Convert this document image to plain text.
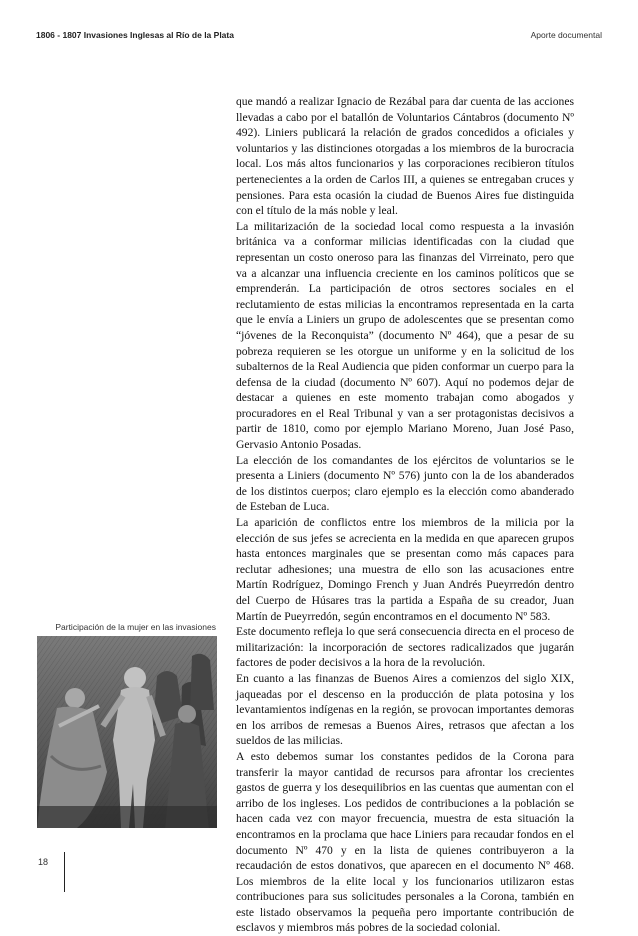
1806 - 1807 Invasiones Inglesas al Río de la Plata	Aporte documental

que mandó a realizar Ignacio de Rezábal para dar cuenta de las acciones llevadas a cabo por el batallón de Voluntarios Cántabros (documento Nº 492). Liniers publicará la relación de grados concedidos a oficiales y voluntarios y las distinciones otorgadas a los miembros de la burocracia local. Los más altos funcionarios y las corporaciones recibieron títulos pertenecientes a la orden de Carlos III, a quienes se entregaban cruces y pensiones. Para esta ocasión la ciudad de Buenos Aires fue distinguida con el título de la más noble y leal.

La militarización de la sociedad local como respuesta a la invasión británica va a conformar milicias identificadas con la ciudad que representan un costo oneroso para las finanzas del Virreinato, pero que va a alcanzar una influencia creciente en los caminos políticos que se emprenderán. La participación de otros sectores sociales en el reclutamiento de estas milicias la encontramos representada en la carta que le envía a Liniers un grupo de adolescentes que se presentan como “jóvenes de la Reconquista” (documento Nº 464), que a pesar de su pobreza requieren se les otorgue un uniforme y en la solicitud de los subalternos de la Real Audiencia que piden conformar un cuerpo para la defensa de la ciudad (documento Nº 607). Aquí no podemos dejar de destacar a quienes en este momento trabajan como abogados y procuradores en el Real Tribunal y van a ser protagonistas decisivos a partir de 1810, como por ejemplo Mariano Moreno, Juan José Paso, Gervasio Antonio Posadas.

La elección de los comandantes de los ejércitos de voluntarios se le presenta a Liniers (documento Nº 576) junto con la de los abanderados de los distintos cuerpos; claro ejemplo es la elección como abanderado de Esteban de Luca.

La aparición de conflictos entre los miembros de la milicia por la elección de sus jefes se acrecienta en la medida en que aparecen grupos hasta entonces marginales que se presentan como más capaces para reclutar adhesiones; una muestra de ello son las acusaciones entre Martín Rodríguez, Domingo French y Juan Andrés Pueyrredón dentro del Cuerpo de Húsares tras la partida a España de su creador, Juan Martín de Pueyrredón, según encontramos en el documento Nº 583.

Este documento refleja lo que será consecuencia directa en el proceso de militarización: la incorporación de sectores radicalizados que jugarán factores de poder decisivos a la hora de la revolución.

En cuanto a las finanzas de Buenos Aires a comienzos del siglo XIX, jaqueadas por el descenso en la producción de plata potosina y los levantamientos indígenas en la región, se provocan importantes demoras en los arribos de remesas a Buenos Aires, retrasos que afectan a los sueldos de las milicias.

A esto debemos sumar los constantes pedidos de la Corona para transferir la mayor cantidad de recursos para afrontar los crecientes gastos de guerra y los desequilibrios en las cuentas que aumentan con el arribo de los ingleses. Los pedidos de contribuciones a la población se hacen cada vez con mayor frecuencia, muestra de esta situación la encontramos en la proclama que hace Liniers para recaudar fondos en el documento Nº 470 y en la lista de quienes contribuyeron a la recaudación de estos donativos, que aparecen en el documento Nº 468. Los miembros de la elite local y los funcionarios utilizaron estas contribuciones para sus solicitudes personales a la Corona, también en este listado observamos la pequeña pero importante contribución de esclavos y miembros más pobres de la sociedad colonial.

Participación de la mujer en las invasiones
18
